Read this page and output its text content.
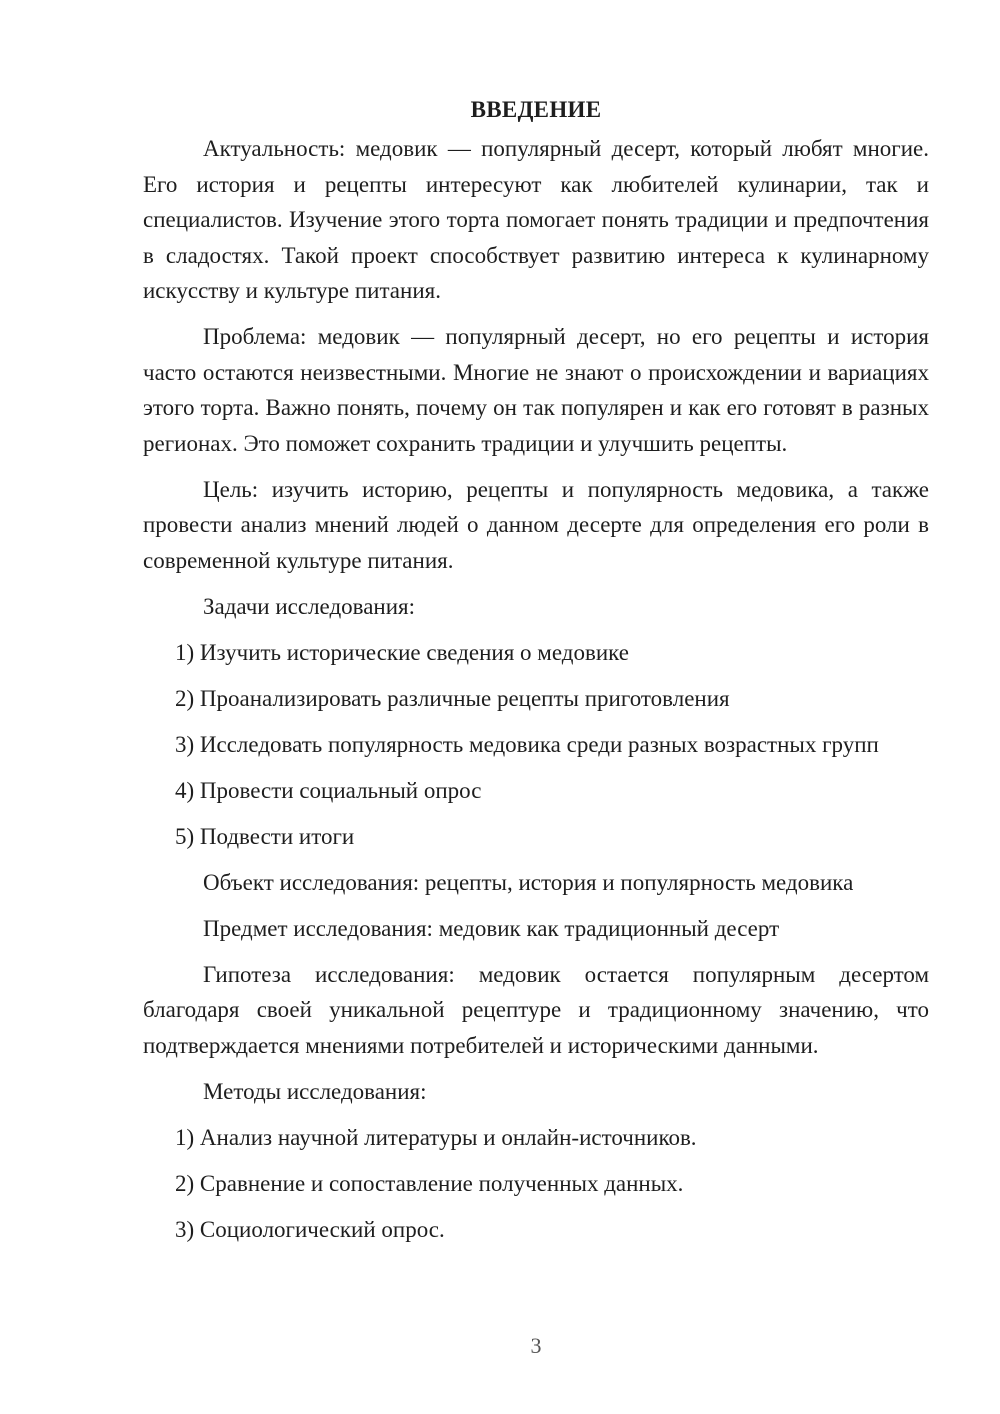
ВВЕДЕНИЕ

Актуальность: медовик — популярный десерт, который любят многие. Его история и рецепты интересуют как любителей кулинарии, так и специалистов. Изучение этого торта помогает понять традиции и предпочтения в сладостях. Такой проект способствует развитию интереса к кулинарному искусству и культуре питания.

Проблема: медовик — популярный десерт, но его рецепты и история часто остаются неизвестными. Многие не знают о происхождении и вариациях этого торта. Важно понять, почему он так популярен и как его готовят в разных регионах. Это поможет сохранить традиции и улучшить рецепты.

Цель: изучить историю, рецепты и популярность медовика, а также провести анализ мнений людей о данном десерте для определения его роли в современной культуре питания.

Задачи исследования:

1) Изучить исторические сведения о медовике

2) Проанализировать различные рецепты приготовления

3) Исследовать популярность медовика среди разных возрастных групп

4) Провести социальный опрос

5) Подвести итоги

Объект исследования: рецепты, история и популярность медовика

Предмет исследования: медовик как традиционный десерт

Гипотеза исследования: медовик остается популярным десертом благодаря своей уникальной рецептуре и традиционному значению, что подтверждается мнениями потребителей и историческими данными.

Методы исследования:

1) Анализ научной литературы и онлайн-источников.

2) Сравнение и сопоставление полученных данных.

3) Социологический опрос.

3
